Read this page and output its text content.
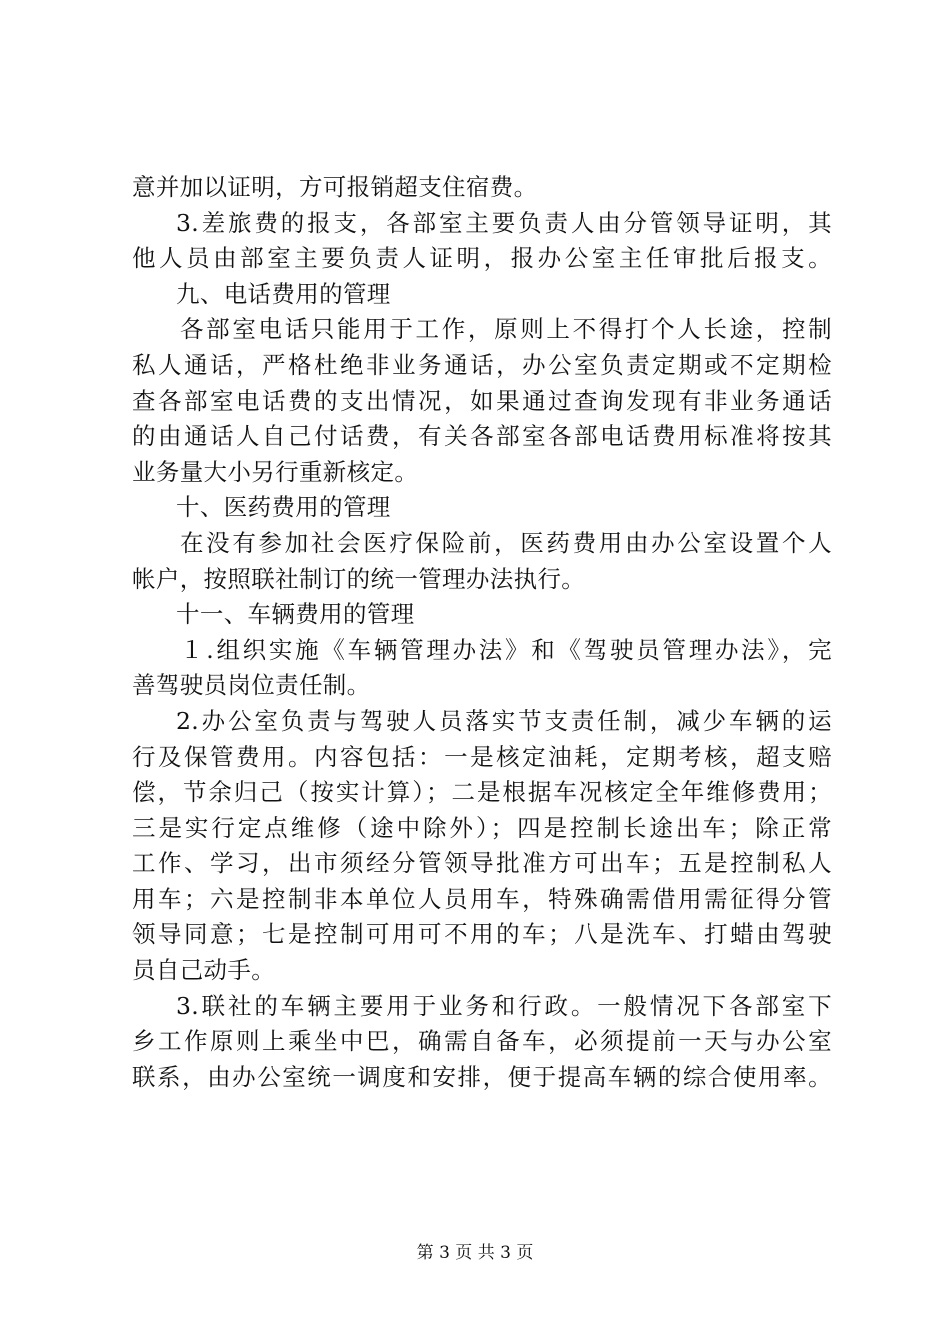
意并加以证明，方可报销超支住宿费。
3.差旅费的报支，各部室主要负责人由分管领导证明，其
他人员由部室主要负责人证明，报办公室主任审批后报支。
九、电话费用的管理
各部室电话只能用于工作，原则上不得打个人长途，控制
私人通话，严格杜绝非业务通话，办公室负责定期或不定期检
查各部室电话费的支出情况，如果通过查询发现有非业务通话
的由通话人自己付话费，有关各部室各部电话费用标准将按其
业务量大小另行重新核定。
十、医药费用的管理
在没有参加社会医疗保险前，医药费用由办公室设置个人
帐户，按照联社制订的统一管理办法执行。
十一、车辆费用的管理
１.组织实施《车辆管理办法》和《驾驶员管理办法》，完
善驾驶员岗位责任制。
2.办公室负责与驾驶人员落实节支责任制，减少车辆的运
行及保管费用。内容包括：一是核定油耗，定期考核，超支赔
偿，节余归己（按实计算）；二是根据车况核定全年维修费用；
三是实行定点维修（途中除外）；四是控制长途出车；除正常
工作、学习，出市须经分管领导批准方可出车；五是控制私人
用车；六是控制非本单位人员用车，特殊确需借用需征得分管
领导同意；七是控制可用可不用的车；八是洗车、打蜡由驾驶
员自己动手。
3.联社的车辆主要用于业务和行政。一般情况下各部室下
乡工作原则上乘坐中巴，确需自备车，必须提前一天与办公室
联系，由办公室统一调度和安排，便于提高车辆的综合使用率。
第 3 页 共 3 页
